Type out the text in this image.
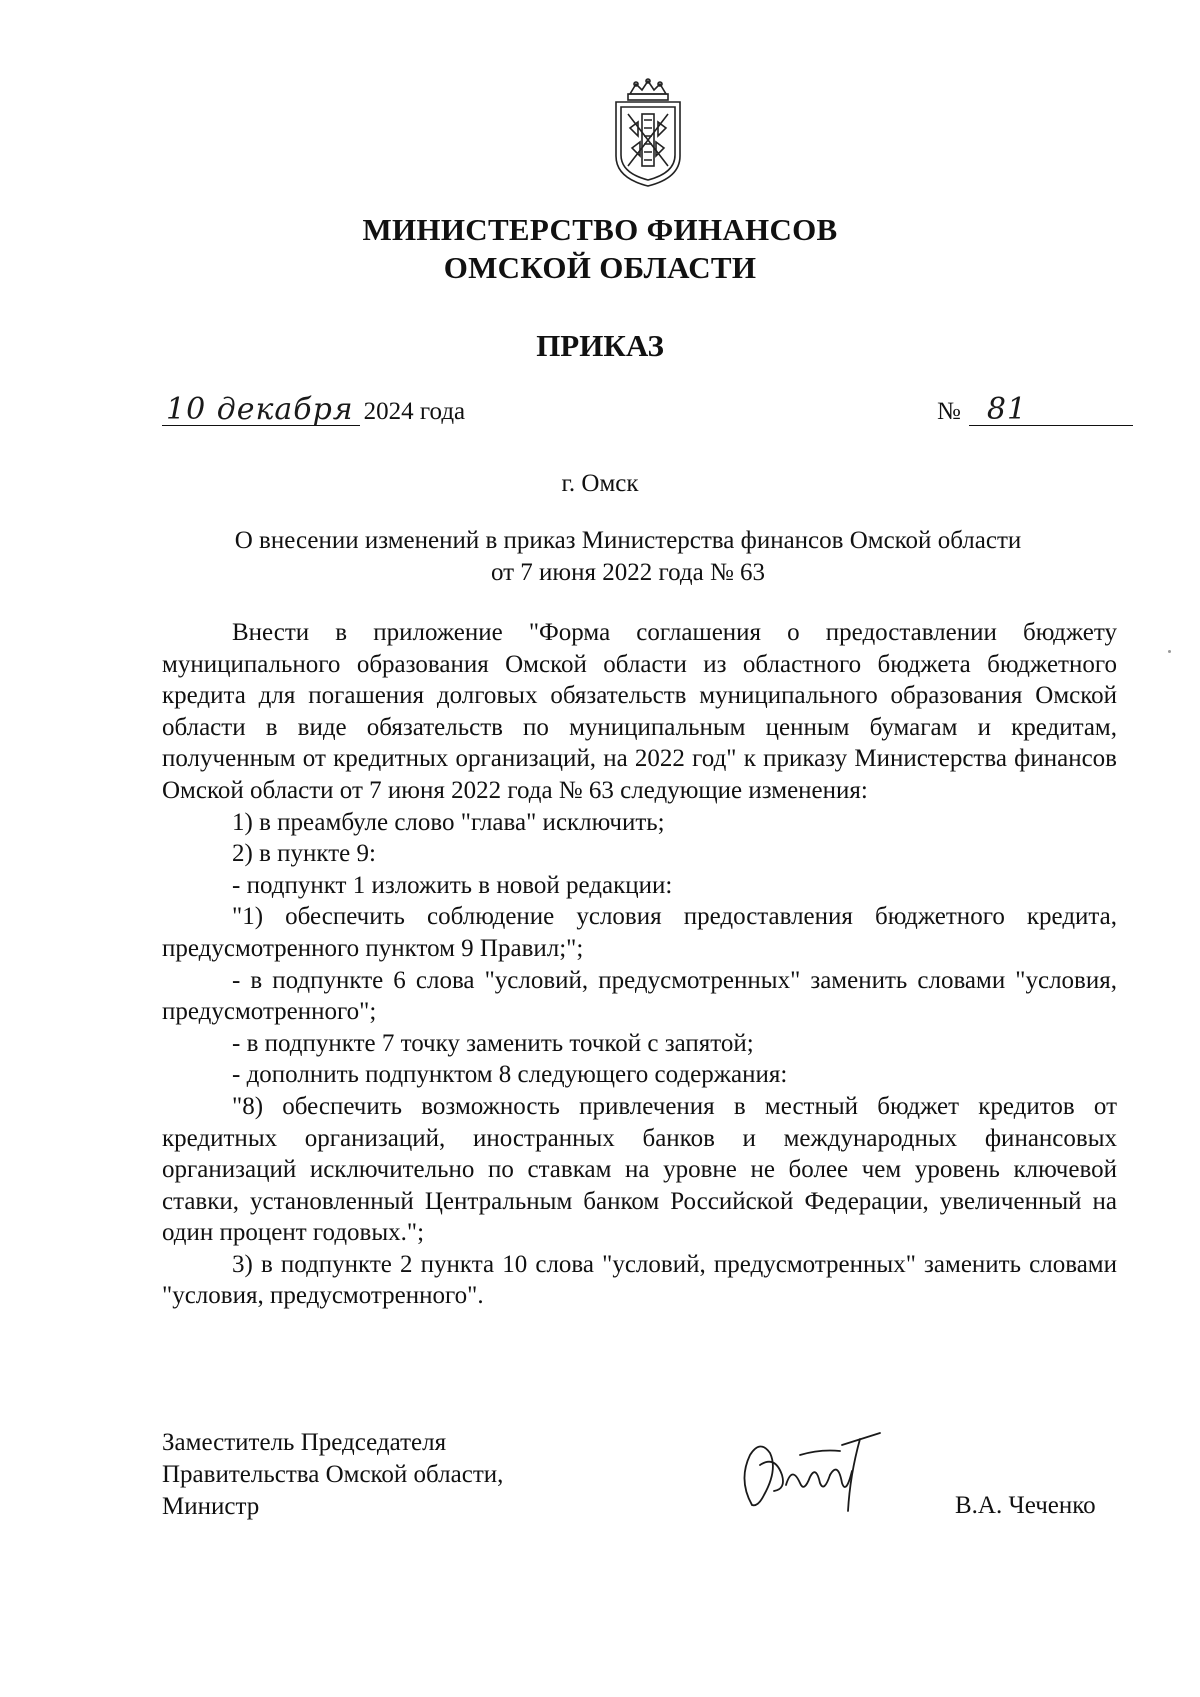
МИНИСТЕРСТВО ФИНАНСОВ
ОМСКОЙ ОБЛАСТИ
ПРИКАЗ
10 декабря 2024 года	№ 81
г. Омск
О внесении изменений в приказ Министерства финансов Омской области
от 7 июня 2022 года № 63

Внести в приложение "Форма соглашения о предоставлении бюджету муниципального образования Омской области из областного бюджета бюджетного кредита для погашения долговых обязательств муниципального образования Омской области в виде обязательств по муниципальным ценным бумагам и кредитам, полученным от кредитных организаций, на 2022 год" к приказу Министерства финансов Омской области от 7 июня 2022 года № 63 следующие изменения:

1) в преамбуле слово "глава" исключить;

2) в пункте 9:

- подпункт 1 изложить в новой редакции:

"1) обеспечить соблюдение условия предоставления бюджетного кредита, предусмотренного пунктом 9 Правил;";

- в подпункте 6 слова "условий, предусмотренных" заменить словами "условия, предусмотренного";

- в подпункте 7 точку заменить точкой с запятой;

- дополнить подпунктом 8 следующего содержания:

"8) обеспечить возможность привлечения в местный бюджет кредитов от кредитных организаций, иностранных банков и международных финансовых организаций исключительно по ставкам на уровне не более чем уровень ключевой ставки, установленный Центральным банком Российской Федерации, увеличенный на один процент годовых.";

3) в подпункте 2 пункта 10 слова "условий, предусмотренных" заменить словами "условия, предусмотренного".

Заместитель Председателя
Правительства Омской области,
Министр	В.А. Чеченко
